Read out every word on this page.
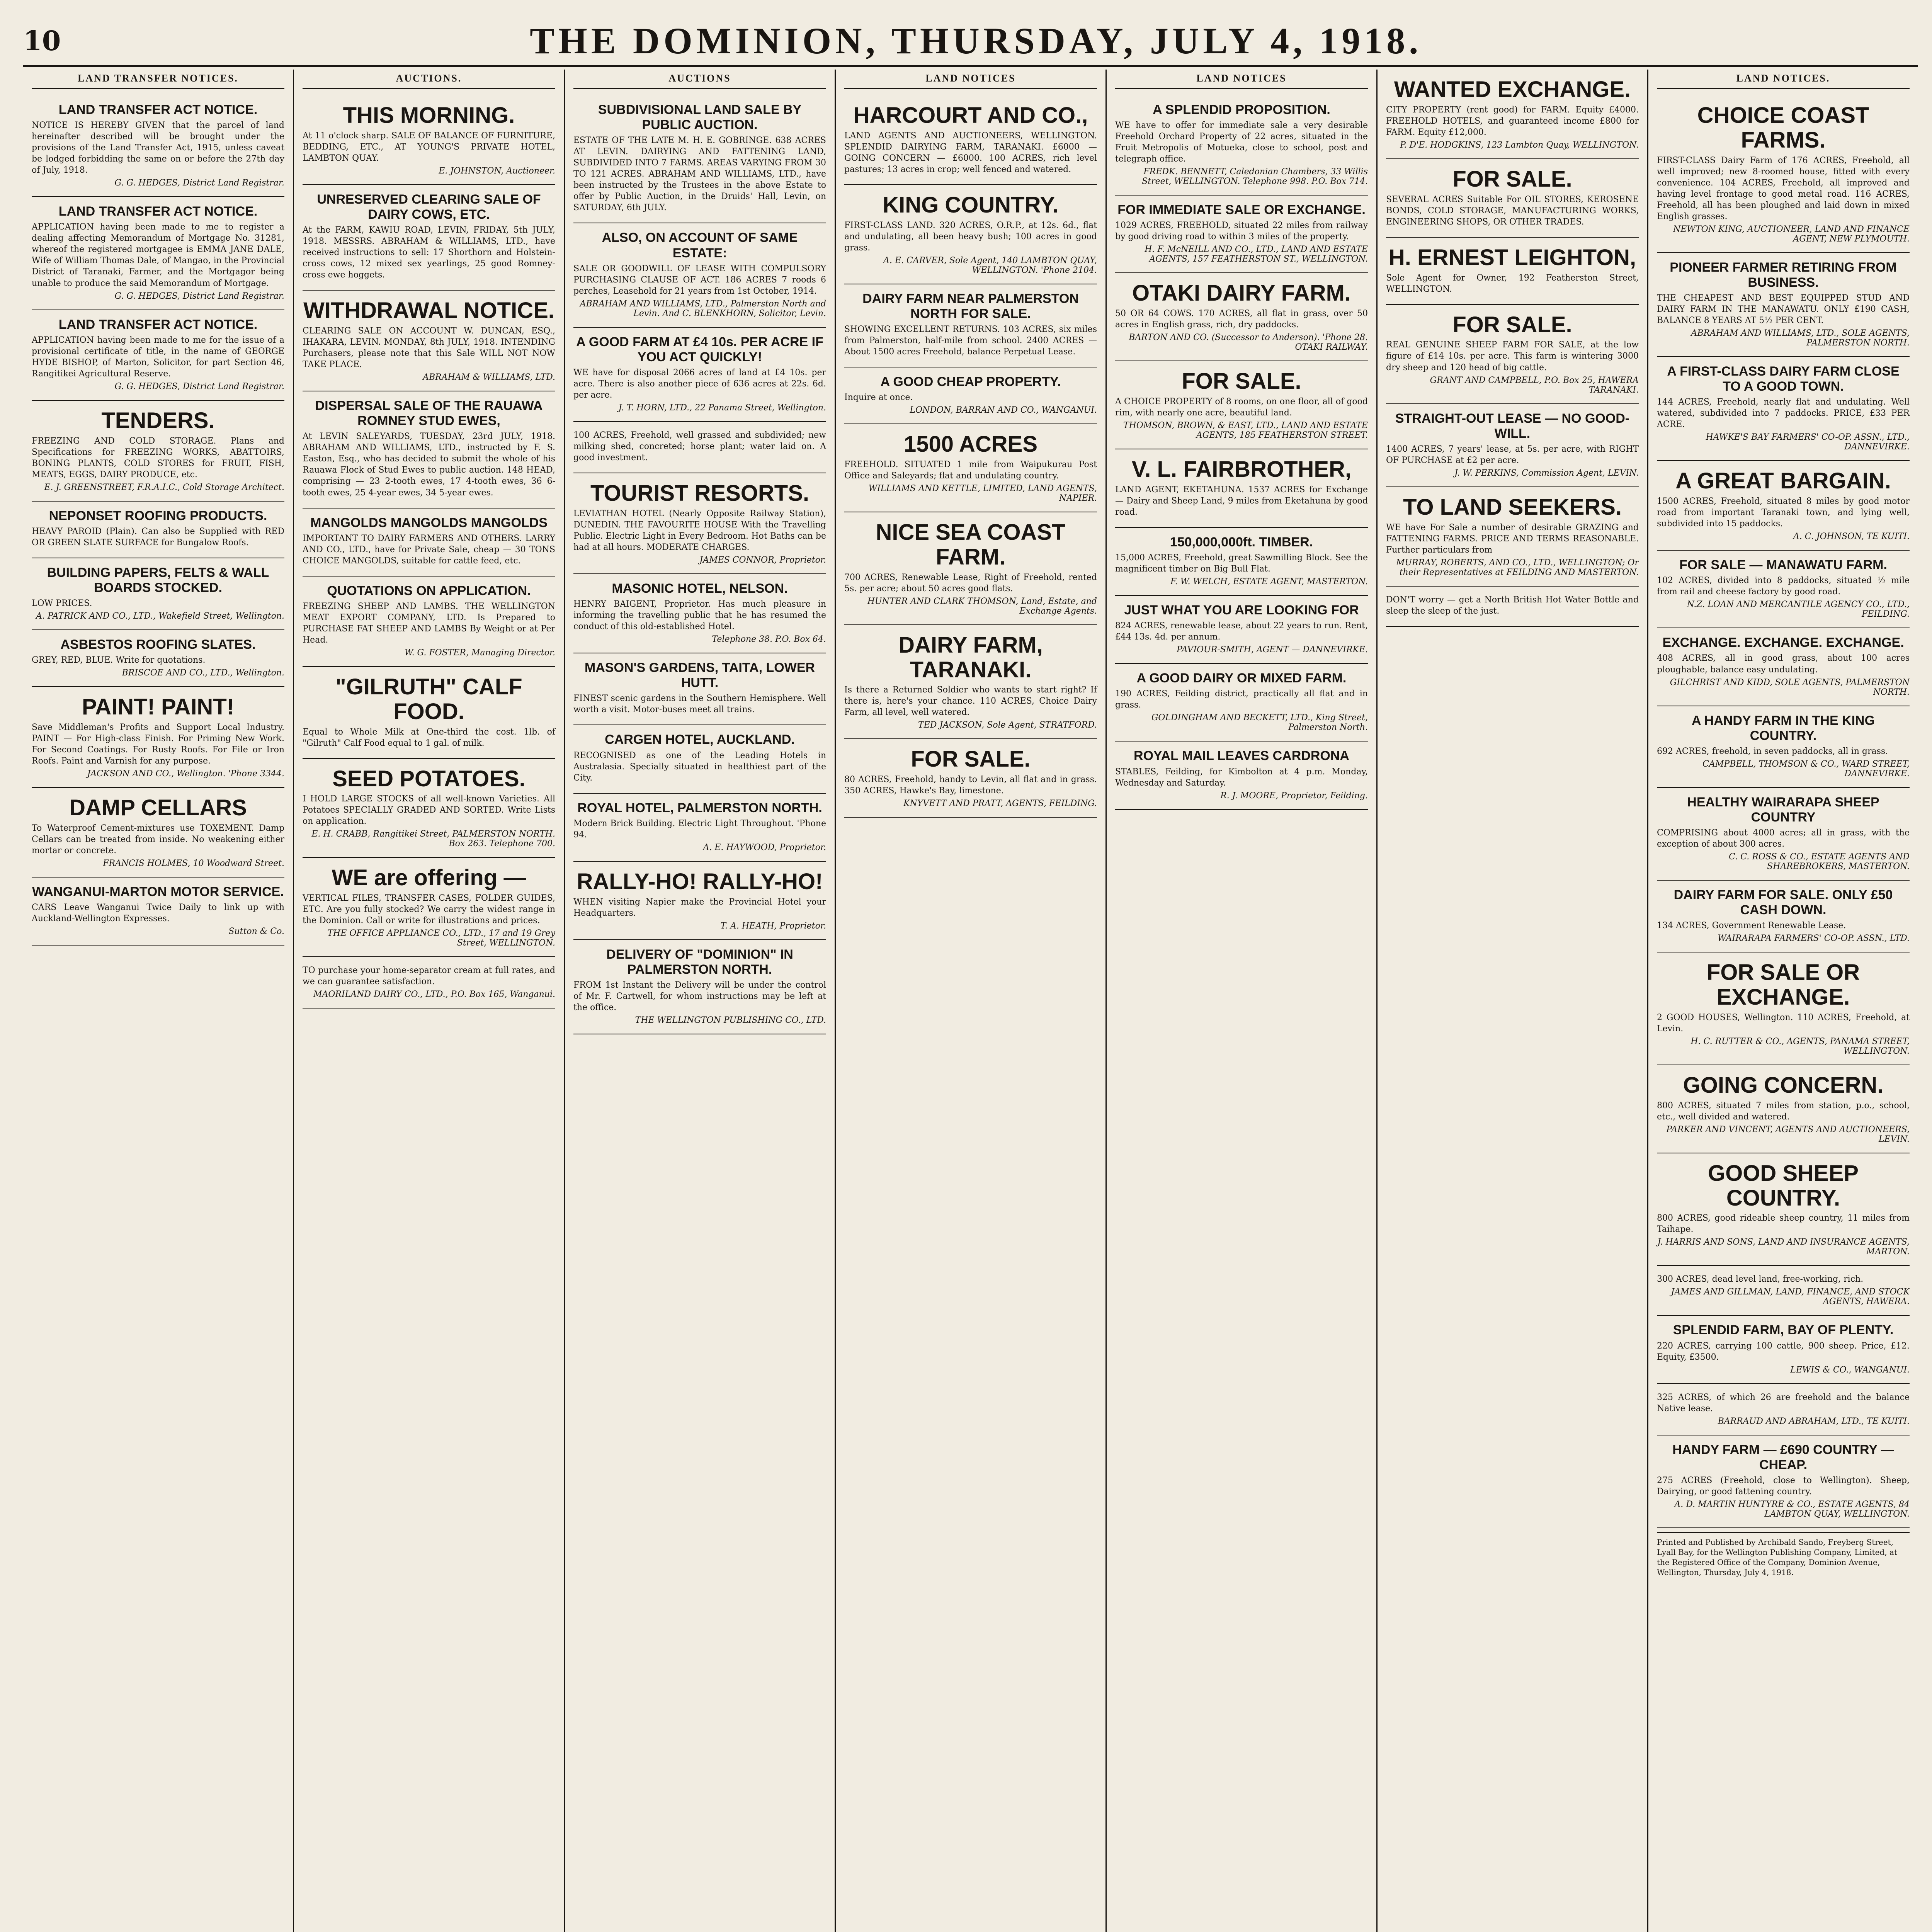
10	THE DOMINION, THURSDAY, JULY 4, 1918.
LAND TRANSFER NOTICES.
LAND TRANSFER ACT NOTICE.
NOTICE IS HEREBY GIVEN that the parcel of land hereinafter described will be brought under the provisions of the Land Transfer Act, 1915, unless caveat be lodged forbidding the same on or before the 27th day of July, 1918.
G. G. HEDGES, District Land Registrar.
LAND TRANSFER ACT NOTICE.
APPLICATION having been made to me to register a dealing affecting Memorandum of Mortgage No. 31281, whereof the registered mortgagee is EMMA JANE DALE, Wife of William Thomas Dale, of Mangao, in the Provincial District of Taranaki, Farmer, and the Mortgagor being unable to produce the said Memorandum of Mortgage.
G. G. HEDGES, District Land Registrar.
LAND TRANSFER ACT NOTICE.
APPLICATION having been made to me for the issue of a provisional certificate of title, in the name of GEORGE HYDE BISHOP, of Marton, Solicitor, for part Section 46, Rangitikei Agricultural Reserve.
G. G. HEDGES, District Land Registrar.
TENDERS.
FREEZING AND COLD STORAGE. Plans and Specifications for FREEZING WORKS, ABATTOIRS, BONING PLANTS, COLD STORES for FRUIT, FISH, MEATS, EGGS, DAIRY PRODUCE, etc.
E. J. GREENSTREET, F.R.A.I.C., Cold Storage Architect.
NEPONSET ROOFING PRODUCTS.
HEAVY PAROID (Plain). Can also be Supplied with RED OR GREEN SLATE SURFACE for Bungalow Roofs.
BUILDING PAPERS, FELTS & WALL BOARDS STOCKED.
LOW PRICES.
A. PATRICK AND CO., LTD., Wakefield Street, Wellington.
ASBESTOS ROOFING SLATES.
GREY, RED, BLUE. Write for quotations.
BRISCOE AND CO., LTD., Wellington.
PAINT! PAINT!
Save Middleman's Profits and Support Local Industry. PAINT — For High-class Finish. For Priming New Work. For Second Coatings. For Rusty Roofs. For File or Iron Roofs. Paint and Varnish for any purpose.
JACKSON AND CO., Wellington. 'Phone 3344.
DAMP CELLARS
To Waterproof Cement-mixtures use TOXEMENT. Damp Cellars can be treated from inside. No weakening either mortar or concrete.
FRANCIS HOLMES, 10 Woodward Street.
WANGANUI-MARTON MOTOR SERVICE.
CARS Leave Wanganui Twice Daily to link up with Auckland-Wellington Expresses.
Sutton & Co.
AUCTIONS.
THIS MORNING.
At 11 o'clock sharp. SALE OF BALANCE OF FURNITURE, BEDDING, ETC., AT YOUNG'S PRIVATE HOTEL, LAMBTON QUAY.
E. JOHNSTON, Auctioneer.
UNRESERVED CLEARING SALE OF DAIRY COWS, ETC.
At the FARM, KAWIU ROAD, LEVIN, FRIDAY, 5th JULY, 1918. MESSRS. ABRAHAM & WILLIAMS, LTD., have received instructions to sell: 17 Shorthorn and Holstein-cross cows, 12 mixed sex yearlings, 25 good Romney-cross ewe hoggets.
WITHDRAWAL NOTICE.
CLEARING SALE ON ACCOUNT W. DUNCAN, ESQ., IHAKARA, LEVIN. MONDAY, 8th JULY, 1918. INTENDING Purchasers, please note that this Sale WILL NOT NOW TAKE PLACE.
ABRAHAM & WILLIAMS, LTD.
DISPERSAL SALE OF THE RAUAWA ROMNEY STUD EWES,
At LEVIN SALEYARDS, TUESDAY, 23rd JULY, 1918. ABRAHAM AND WILLIAMS, LTD., instructed by F. S. Easton, Esq., who has decided to submit the whole of his Rauawa Flock of Stud Ewes to public auction. 148 HEAD, comprising — 23 2-tooth ewes, 17 4-tooth ewes, 36 6-tooth ewes, 25 4-year ewes, 34 5-year ewes.
MANGOLDS MANGOLDS MANGOLDS
IMPORTANT TO DAIRY FARMERS AND OTHERS. LARRY AND CO., LTD., have for Private Sale, cheap — 30 TONS CHOICE MANGOLDS, suitable for cattle feed, etc.
QUOTATIONS ON APPLICATION.
FREEZING SHEEP AND LAMBS. THE WELLINGTON MEAT EXPORT COMPANY, LTD. Is Prepared to PURCHASE FAT SHEEP AND LAMBS By Weight or at Per Head.
W. G. FOSTER, Managing Director.
"GILRUTH" CALF FOOD.
Equal to Whole Milk at One-third the cost. 1lb. of "Gilruth" Calf Food equal to 1 gal. of milk.
SEED POTATOES.
I HOLD LARGE STOCKS of all well-known Varieties. All Potatoes SPECIALLY GRADED AND SORTED. Write Lists on application.
E. H. CRABB, Rangitikei Street, PALMERSTON NORTH. Box 263. Telephone 700.
WE are offering —
VERTICAL FILES, TRANSFER CASES, FOLDER GUIDES, ETC. Are you fully stocked? We carry the widest range in the Dominion. Call or write for illustrations and prices.
THE OFFICE APPLIANCE CO., LTD., 17 and 19 Grey Street, WELLINGTON.
TO purchase your home-separator cream at full rates, and we can guarantee satisfaction.
MAORILAND DAIRY CO., LTD., P.O. Box 165, Wanganui.
AUCTIONS
SUBDIVISIONAL LAND SALE BY PUBLIC AUCTION.
ESTATE OF THE LATE M. H. E. GOBRINGE. 638 ACRES AT LEVIN. DAIRYING AND FATTENING LAND, SUBDIVIDED INTO 7 FARMS. AREAS VARYING FROM 30 TO 121 ACRES. ABRAHAM AND WILLIAMS, LTD., have been instructed by the Trustees in the above Estate to offer by Public Auction, in the Druids' Hall, Levin, on SATURDAY, 6th JULY.
ALSO, ON ACCOUNT OF SAME ESTATE:
SALE OR GOODWILL OF LEASE WITH COMPULSORY PURCHASING CLAUSE OF ACT. 186 ACRES 7 roods 6 perches, Leasehold for 21 years from 1st October, 1914.
ABRAHAM AND WILLIAMS, LTD., Palmerston North and Levin. And C. BLENKHORN, Solicitor, Levin.
A GOOD FARM AT £4 10s. PER ACRE IF YOU ACT QUICKLY!
WE have for disposal 2066 acres of land at £4 10s. per acre. There is also another piece of 636 acres at 22s. 6d. per acre.
J. T. HORN, LTD., 22 Panama Street, Wellington.
100 ACRES, Freehold, well grassed and subdivided; new milking shed, concreted; horse plant; water laid on. A good investment.
TOURIST RESORTS.
LEVIATHAN HOTEL (Nearly Opposite Railway Station), DUNEDIN. THE FAVOURITE HOUSE With the Travelling Public. Electric Light in Every Bedroom. Hot Baths can be had at all hours. MODERATE CHARGES.
JAMES CONNOR, Proprietor.
MASONIC HOTEL, NELSON.
HENRY BAIGENT, Proprietor. Has much pleasure in informing the travelling public that he has resumed the conduct of this old-established Hotel.
Telephone 38. P.O. Box 64.
MASON'S GARDENS, TAITA, LOWER HUTT.
FINEST scenic gardens in the Southern Hemisphere. Well worth a visit. Motor-buses meet all trains.
CARGEN HOTEL, AUCKLAND.
RECOGNISED as one of the Leading Hotels in Australasia. Specially situated in healthiest part of the City.
ROYAL HOTEL, PALMERSTON NORTH.
Modern Brick Building. Electric Light Throughout. 'Phone 94.
A. E. HAYWOOD, Proprietor.
RALLY-HO! RALLY-HO!
WHEN visiting Napier make the Provincial Hotel your Headquarters.
T. A. HEATH, Proprietor.
DELIVERY OF "DOMINION" IN PALMERSTON NORTH.
FROM 1st Instant the Delivery will be under the control of Mr. F. Cartwell, for whom instructions may be left at the office.
THE WELLINGTON PUBLISHING CO., LTD.
LAND NOTICES
HARCOURT AND CO.,
LAND AGENTS AND AUCTIONEERS, WELLINGTON. SPLENDID DAIRYING FARM, TARANAKI. £6000 — GOING CONCERN — £6000. 100 ACRES, rich level pastures; 13 acres in crop; well fenced and watered.
KING COUNTRY.
FIRST-CLASS LAND. 320 ACRES, O.R.P., at 12s. 6d., flat and undulating, all been heavy bush; 100 acres in good grass.
A. E. CARVER, Sole Agent, 140 LAMBTON QUAY, WELLINGTON. 'Phone 2104.
DAIRY FARM NEAR PALMERSTON NORTH FOR SALE.
SHOWING EXCELLENT RETURNS. 103 ACRES, six miles from Palmerston, half-mile from school. 2400 ACRES — About 1500 acres Freehold, balance Perpetual Lease.
A GOOD CHEAP PROPERTY.
Inquire at once.
LONDON, BARRAN AND CO., WANGANUI.
1500 ACRES
FREEHOLD. SITUATED 1 mile from Waipukurau Post Office and Saleyards; flat and undulating country.
WILLIAMS AND KETTLE, LIMITED, LAND AGENTS, NAPIER.
NICE SEA COAST FARM.
700 ACRES, Renewable Lease, Right of Freehold, rented 5s. per acre; about 50 acres good flats.
HUNTER AND CLARK THOMSON, Land, Estate, and Exchange Agents.
DAIRY FARM, TARANAKI.
Is there a Returned Soldier who wants to start right? If there is, here's your chance. 110 ACRES, Choice Dairy Farm, all level, well watered.
TED JACKSON, Sole Agent, STRATFORD.
FOR SALE.
80 ACRES, Freehold, handy to Levin, all flat and in grass. 350 ACRES, Hawke's Bay, limestone.
KNYVETT AND PRATT, AGENTS, FEILDING.
LAND NOTICES
A SPLENDID PROPOSITION.
WE have to offer for immediate sale a very desirable Freehold Orchard Property of 22 acres, situated in the Fruit Metropolis of Motueka, close to school, post and telegraph office.
FREDK. BENNETT, Caledonian Chambers, 33 Willis Street, WELLINGTON. Telephone 998. P.O. Box 714.
FOR IMMEDIATE SALE OR EXCHANGE.
1029 ACRES, FREEHOLD, situated 22 miles from railway by good driving road to within 3 miles of the property.
H. F. McNEILL AND CO., LTD., LAND AND ESTATE AGENTS, 157 FEATHERSTON ST., WELLINGTON.
OTAKI DAIRY FARM.
50 OR 64 COWS. 170 ACRES, all flat in grass, over 50 acres in English grass, rich, dry paddocks.
BARTON AND CO. (Successor to Anderson). 'Phone 28. OTAKI RAILWAY.
FOR SALE.
A CHOICE PROPERTY of 8 rooms, on one floor, all of good rim, with nearly one acre, beautiful land.
THOMSON, BROWN, & EAST, LTD., LAND AND ESTATE AGENTS, 185 FEATHERSTON STREET.
V. L. FAIRBROTHER,
LAND AGENT, EKETAHUNA. 1537 ACRES for Exchange — Dairy and Sheep Land, 9 miles from Eketahuna by good road.
150,000,000ft. TIMBER.
15,000 ACRES, Freehold, great Sawmilling Block. See the magnificent timber on Big Bull Flat.
F. W. WELCH, ESTATE AGENT, MASTERTON.
JUST WHAT YOU ARE LOOKING FOR
824 ACRES, renewable lease, about 22 years to run. Rent, £44 13s. 4d. per annum.
PAVIOUR-SMITH, AGENT — DANNEVIRKE.
A GOOD DAIRY OR MIXED FARM.
190 ACRES, Feilding district, practically all flat and in grass.
GOLDINGHAM AND BECKETT, LTD., King Street, Palmerston North.
ROYAL MAIL LEAVES CARDRONA
STABLES, Feilding, for Kimbolton at 4 p.m. Monday, Wednesday and Saturday.
R. J. MOORE, Proprietor, Feilding.
WANTED EXCHANGE.
CITY PROPERTY (rent good) for FARM. Equity £4000. FREEHOLD HOTELS, and guaranteed income £800 for FARM. Equity £12,000.
P. D'E. HODGKINS, 123 Lambton Quay, WELLINGTON.
FOR SALE.
SEVERAL ACRES Suitable For OIL STORES, KEROSENE BONDS, COLD STORAGE, MANUFACTURING WORKS, ENGINEERING SHOPS, OR OTHER TRADES.
H. ERNEST LEIGHTON,
Sole Agent for Owner, 192 Featherston Street, WELLINGTON.
FOR SALE.
REAL GENUINE SHEEP FARM FOR SALE, at the low figure of £14 10s. per acre. This farm is wintering 3000 dry sheep and 120 head of big cattle.
GRANT AND CAMPBELL, P.O. Box 25, HAWERA TARANAKI.
STRAIGHT-OUT LEASE — NO GOOD-WILL.
1400 ACRES, 7 years' lease, at 5s. per acre, with RIGHT OF PURCHASE at £2 per acre.
J. W. PERKINS, Commission Agent, LEVIN.
TO LAND SEEKERS.
WE have For Sale a number of desirable GRAZING and FATTENING FARMS. PRICE AND TERMS REASONABLE. Further particulars from
MURRAY, ROBERTS, AND CO., LTD., WELLINGTON; Or their Representatives at FEILDING AND MASTERTON.
DON'T worry — get a North British Hot Water Bottle and sleep the sleep of the just.
LAND NOTICES.
CHOICE COAST FARMS.
FIRST-CLASS Dairy Farm of 176 ACRES, Freehold, all well improved; new 8-roomed house, fitted with every convenience. 104 ACRES, Freehold, all improved and having level frontage to good metal road. 116 ACRES, Freehold, all has been ploughed and laid down in mixed English grasses.
NEWTON KING, AUCTIONEER, LAND AND FINANCE AGENT, NEW PLYMOUTH.
PIONEER FARMER RETIRING FROM BUSINESS.
THE CHEAPEST AND BEST EQUIPPED STUD AND DAIRY FARM IN THE MANAWATU. ONLY £190 CASH, BALANCE 8 YEARS AT 5½ PER CENT.
ABRAHAM AND WILLIAMS, LTD., SOLE AGENTS, PALMERSTON NORTH.
A FIRST-CLASS DAIRY FARM CLOSE TO A GOOD TOWN.
144 ACRES, Freehold, nearly flat and undulating. Well watered, subdivided into 7 paddocks. PRICE, £33 PER ACRE.
HAWKE'S BAY FARMERS' CO-OP. ASSN., LTD., DANNEVIRKE.
A GREAT BARGAIN.
1500 ACRES, Freehold, situated 8 miles by good motor road from important Taranaki town, and lying well, subdivided into 15 paddocks.
A. C. JOHNSON, TE KUITI.
FOR SALE — MANAWATU FARM.
102 ACRES, divided into 8 paddocks, situated ½ mile from rail and cheese factory by good road.
N.Z. LOAN AND MERCANTILE AGENCY CO., LTD., FEILDING.
EXCHANGE. EXCHANGE. EXCHANGE.
408 ACRES, all in good grass, about 100 acres ploughable, balance easy undulating.
GILCHRIST AND KIDD, SOLE AGENTS, PALMERSTON NORTH.
A HANDY FARM IN THE KING COUNTRY.
692 ACRES, freehold, in seven paddocks, all in grass.
CAMPBELL, THOMSON & CO., WARD STREET, DANNEVIRKE.
HEALTHY WAIRARAPA SHEEP COUNTRY
COMPRISING about 4000 acres; all in grass, with the exception of about 300 acres.
C. C. ROSS & CO., ESTATE AGENTS AND SHAREBROKERS, MASTERTON.
DAIRY FARM FOR SALE. ONLY £50 CASH DOWN.
134 ACRES, Government Renewable Lease.
WAIRARAPA FARMERS' CO-OP. ASSN., LTD.
FOR SALE OR EXCHANGE.
2 GOOD HOUSES, Wellington. 110 ACRES, Freehold, at Levin.
H. C. RUTTER & CO., AGENTS, PANAMA STREET, WELLINGTON.
GOING CONCERN.
800 ACRES, situated 7 miles from station, p.o., school, etc., well divided and watered.
PARKER AND VINCENT, AGENTS AND AUCTIONEERS, LEVIN.
GOOD SHEEP COUNTRY.
800 ACRES, good rideable sheep country, 11 miles from Taihape.
J. HARRIS AND SONS, LAND AND INSURANCE AGENTS, MARTON.
300 ACRES, dead level land, free-working, rich.
JAMES AND GILLMAN, LAND, FINANCE, AND STOCK AGENTS, HAWERA.
SPLENDID FARM, BAY OF PLENTY.
220 ACRES, carrying 100 cattle, 900 sheep. Price, £12. Equity, £3500.
LEWIS & CO., WANGANUI.
325 ACRES, of which 26 are freehold and the balance Native lease.
BARRAUD AND ABRAHAM, LTD., TE KUITI.
HANDY FARM — £690 COUNTRY — CHEAP.
275 ACRES (Freehold, close to Wellington). Sheep, Dairying, or good fattening country.
A. D. MARTIN HUNTYRE & CO., ESTATE AGENTS, 84 LAMBTON QUAY, WELLINGTON.
Printed and Published by Archibald Sando, Freyberg Street, Lyall Bay, for the Wellington Publishing Company, Limited, at the Registered Office of the Company, Dominion Avenue, Wellington, Thursday, July 4, 1918.
